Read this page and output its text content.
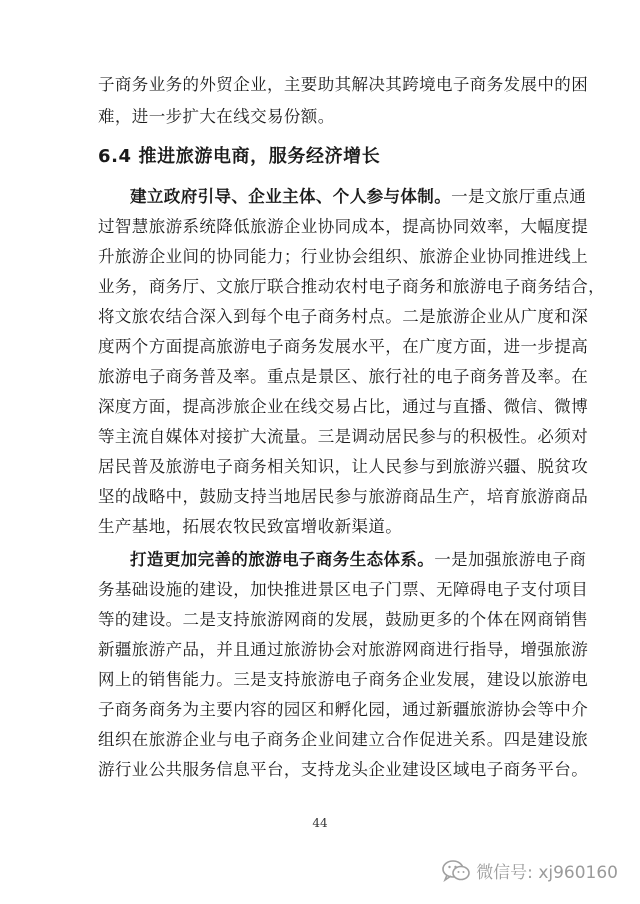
子商务业务的外贸企业，主要助其解决其跨境电子商务发展中的困
难，进一步扩大在线交易份额。
6.4 推进旅游电商，服务经济增长
建立政府引导、企业主体、个人参与体制。一是文旅厅重点通
过智慧旅游系统降低旅游企业协同成本，提高协同效率，大幅度提
升旅游企业间的协同能力；行业协会组织、旅游企业协同推进线上
业务，商务厅、文旅厅联合推动农村电子商务和旅游电子商务结合，
将文旅农结合深入到每个电子商务村点。二是旅游企业从广度和深
度两个方面提高旅游电子商务发展水平，在广度方面，进一步提高
旅游电子商务普及率。重点是景区、旅行社的电子商务普及率。在
深度方面，提高涉旅企业在线交易占比，通过与直播、微信、微博
等主流自媒体对接扩大流量。三是调动居民参与的积极性。必须对
居民普及旅游电子商务相关知识，让人民参与到旅游兴疆、脱贫攻
坚的战略中，鼓励支持当地居民参与旅游商品生产，培育旅游商品
生产基地，拓展农牧民致富增收新渠道。
打造更加完善的旅游电子商务生态体系。一是加强旅游电子商
务基础设施的建设，加快推进景区电子门票、无障碍电子支付项目
等的建设。二是支持旅游网商的发展，鼓励更多的个体在网商销售
新疆旅游产品，并且通过旅游协会对旅游网商进行指导，增强旅游
网上的销售能力。三是支持旅游电子商务企业发展，建设以旅游电
子商务商务为主要内容的园区和孵化园，通过新疆旅游协会等中介
组织在旅游企业与电子商务企业间建立合作促进关系。四是建设旅
游行业公共服务信息平台，支持龙头企业建设区域电子商务平台。
44
微信号: xj960160
